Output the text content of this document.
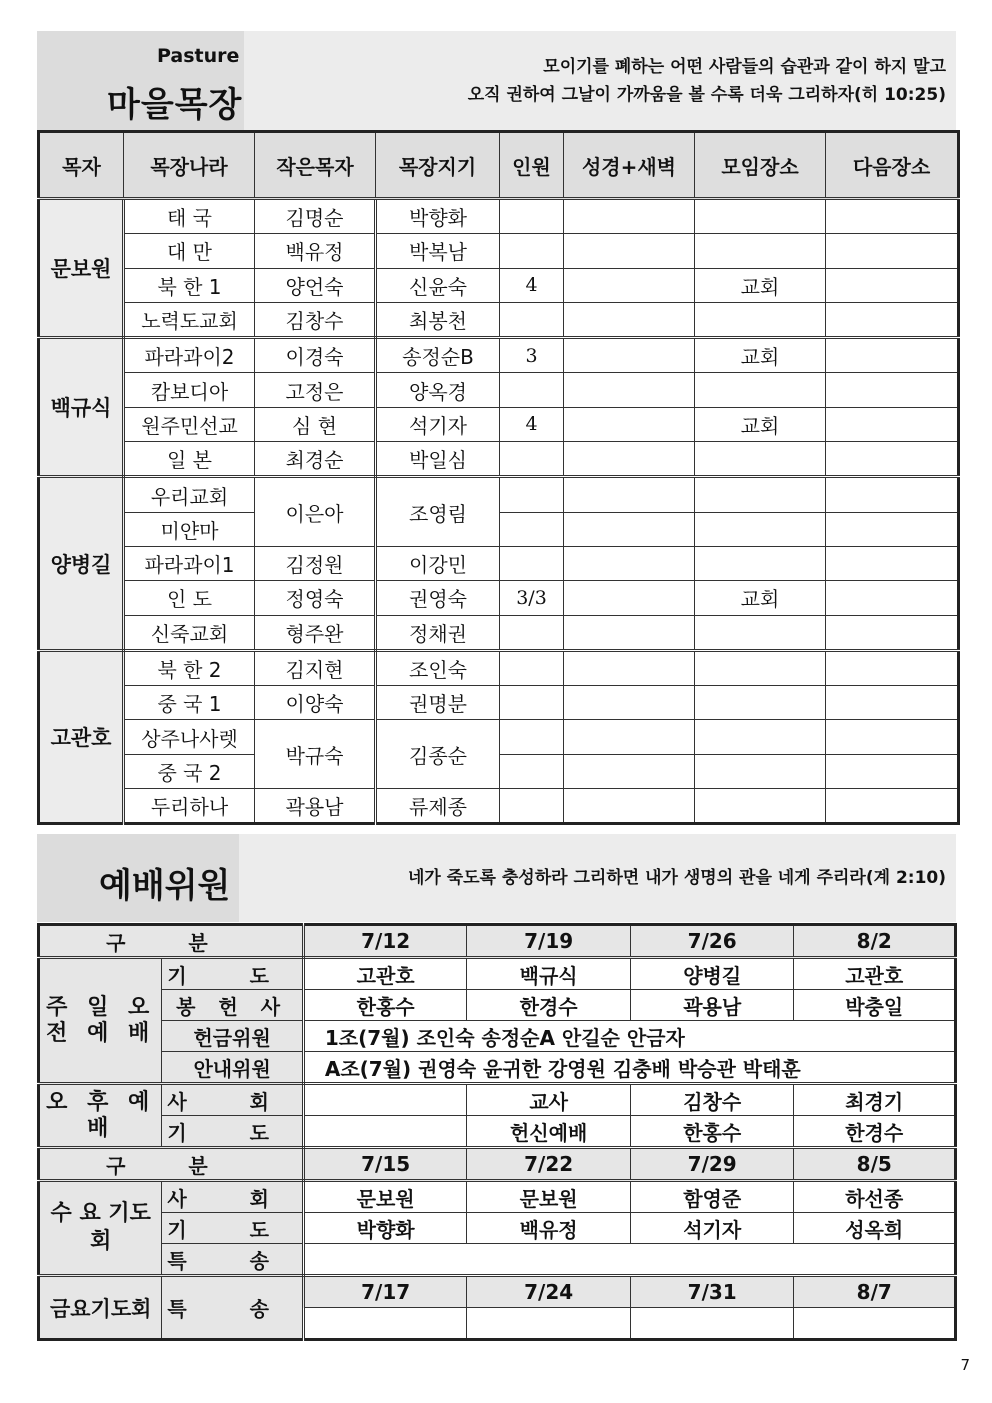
Pasture
마을목장
모이기를 폐하는 어떤 사람들의 습관과 같이 하지 말고
오직 권하여 그날이 가까움을 볼 수록 더욱 그리하자(히 10:25)
목자	목장나라	작은목자	목장지기	인원	성경+새벽	모임장소	다음장소
문보원	태 국	김명순	박향화				
	대 만	백유정	박복남				
	북 한 1	양언숙	신윤숙	4		교회	
	노력도교회	김창수	최봉천				
백규식	파라과이2	이경숙	송정순B	3		교회	
	캄보디아	고정은	양옥경				
	원주민선교	심 현	석기자	4		교회	
	일 본	최경순	박일심				
양병길	우리교회	이은아	조영림				
	미얀마						
	파라과이1	김정원	이강민				
	인 도	정영숙	권영숙	3/3		교회	
	신죽교회	형주완	정채권				
고관호	북 한 2	김지현	조인숙				
	중 국 1	이양숙	권명분				
	상주나사렛	박규숙	김종순				
	중 국 2						
	두리하나	곽용남	류제종				
예배위원	네가 죽도록 충성하라 그리하면 내가 생명의 관을 네게 주리라(계 2:10)
구 분		7/12	7/19	7/26	8/2
주 일 오 전 예 배	기 도	고관호	백규식	양병길	고관호
	봉 헌 사	한홍수	한경수	곽용남	박충일
	헌금위원	1조(7월) 조인숙 송정순A 안길순 안금자			
	안내위원	A조(7월) 권영숙 윤귀한 강영원 김충배 박승관 박태훈			
오 후 예 배	사 회		교사	김창수	최경기
	기 도		헌신예배	한홍수	한경수
구 분		7/15	7/22	7/29	8/5
수 요 기도회	사 회	문보원	문보원	함영준	하선종
	기 도	박향화	백유정	석기자	성옥희
	특 송				
금요기도회	특 송	7/17	7/24	7/31	8/7

7
